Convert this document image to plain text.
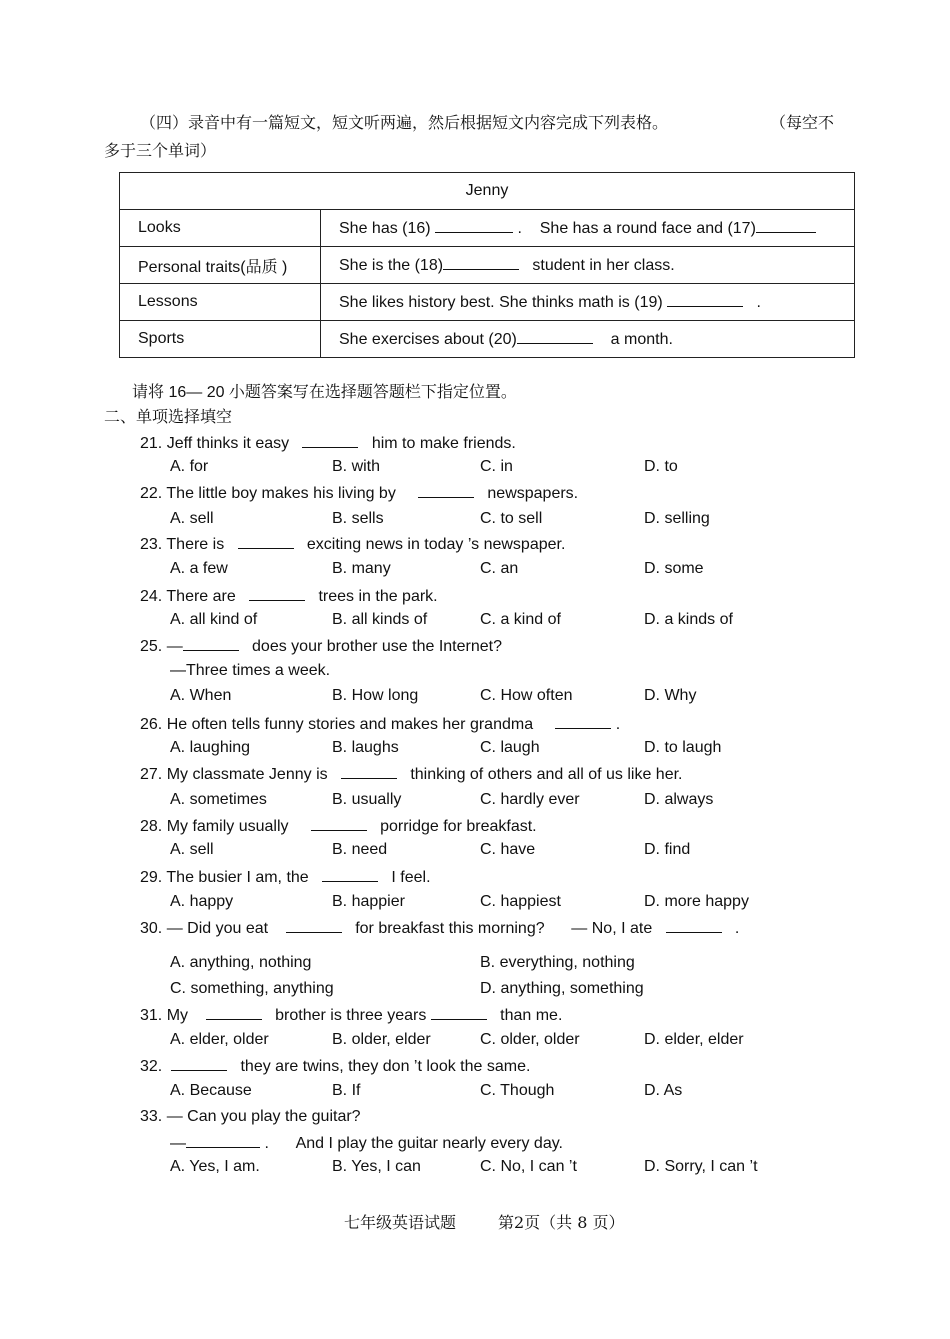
（四）录音中有一篇短文，短文听两遍，然后根据短文内容完成下列表格。	（每空不
多于三个单词）
Jenny	
Looks	She has (16) .    She has a round face and (17)
Personal traits(品质 )	She is the (18) student in her class.
Lessons	She likes history best. She thinks math is (19) .
Sports	She exercises about (20) a month.
请将 16— 20 小题答案写在选择题答题栏下指定位置。
二、单项选择填空
21. Jeff thinks it easy	him to make friends.
A. for	B. with	C. in	D. to
22. The little boy makes his living by	newspapers.
A. sell	B. sells	C. to sell	D. selling
23. There is	exciting news in today ’s newspaper.
A. a few	B. many	C. an	D. some
24. There are	trees in the park.
A. all kind of	B. all kinds of	C. a kind of	D. a kinds of
25. —	does your brother use the Internet?
—Three times a week.
A. When	B. How long	C. How often	D. Why
26. He often tells funny stories and makes her grandma	.
A. laughing	B. laughs	C. laugh	D. to laugh
27. My classmate Jenny is	thinking of others and all of us like her.
A. sometimes	B. usually	C. hardly ever	D. always
28. My family usually	porridge for breakfast.
A. sell	B. need	C. have	D. find
29. The busier I am, the	I feel.
A. happy	B. happier	C. happiest	D. more happy
30. — Did you eat	for breakfast this morning? — No, I ate	.
A. anything, nothing	B. everything, nothing
C. something, anything	D. anything, something
31. My	brother is three years	than me.
A. elder, older	B. older, elder	C. older, older	D. elder, elder
32.	they are twins, they don ’t look the same.
A. Because	B. If	C. Though	D. As
33. — Can you play the guitar?
—	. And I play the guitar nearly every day.
A. Yes, I am.	B. Yes, I can	C. No, I can ’t	D. Sorry, I can ’t
七年级英语试题	第2页（共 8 页）
